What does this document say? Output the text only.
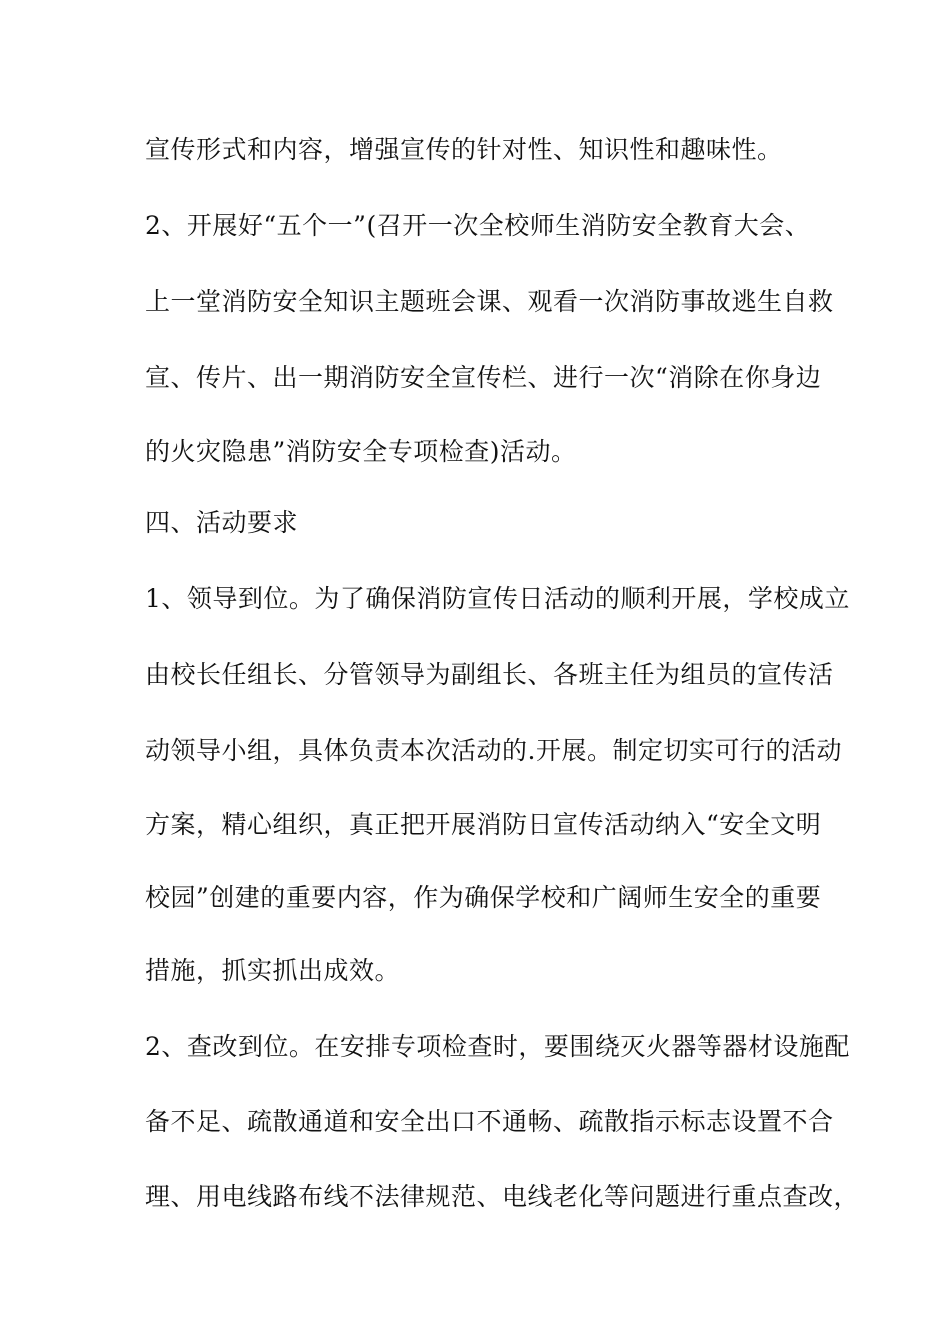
宣传形式和内容，增强宣传的针对性、知识性和趣味性。
2、开展好“五个一”(召开一次全校师生消防安全教育大会、
上一堂消防安全知识主题班会课、观看一次消防事故逃生自救
宣、传片、出一期消防安全宣传栏、进行一次“消除在你身边
的火灾隐患”消防安全专项检查)活动。
四、活动要求
1、领导到位。为了确保消防宣传日活动的顺利开展，学校成立
由校长任组长、分管领导为副组长、各班主任为组员的宣传活
动领导小组，具体负责本次活动的.开展。制定切实可行的活动
方案，精心组织，真正把开展消防日宣传活动纳入“安全文明
校园”创建的重要内容，作为确保学校和广阔师生安全的重要
措施，抓实抓出成效。
2、查改到位。在安排专项检查时，要围绕灭火器等器材设施配
备不足、疏散通道和安全出口不通畅、疏散指示标志设置不合
理、用电线路布线不法律规范、电线老化等问题进行重点查改，
